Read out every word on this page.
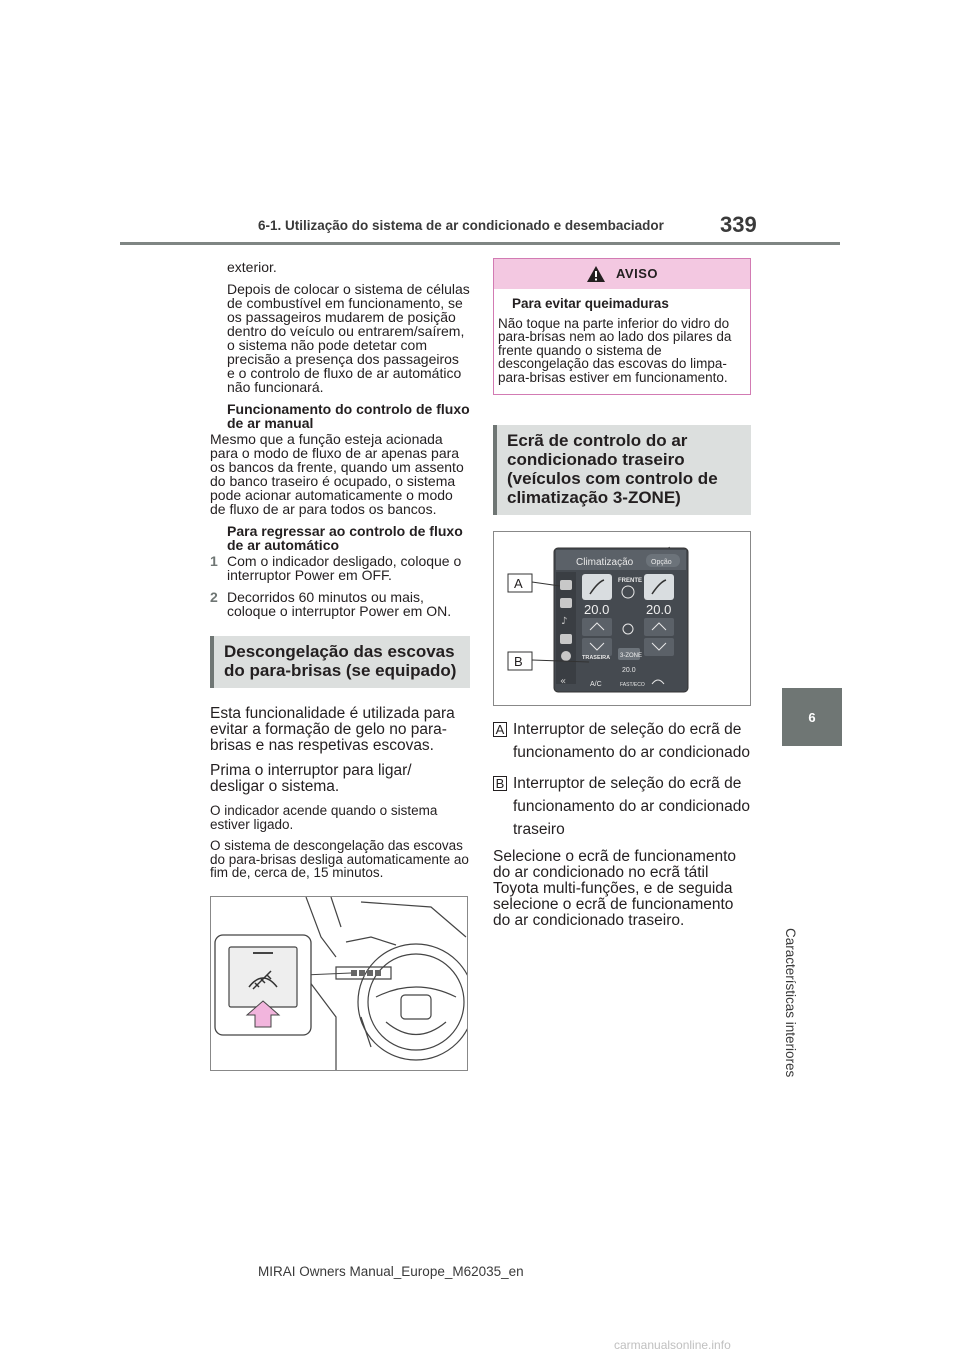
6-1. Utilização do sistema de ar condicionado e desembaciador	339
6
Características interiores

exterior.

Depois de colocar o sistema de células de combustível em funcionamento, se os passageiros mudarem de posição dentro do veículo ou entrarem/saírem, o sistema não pode detetar com precisão a presença dos passageiros e o controlo de fluxo de ar automático não funcionará.

Funcionamento do controlo de fluxo de ar manual

Mesmo que a função esteja acionada para o modo de fluxo de ar apenas para os bancos da frente, quando um assento do banco traseiro é ocupado, o sistema pode acionar automaticamente o modo de fluxo de ar para todos os bancos.

Para regressar ao controlo de fluxo de ar automático

1 Com o indicador desligado, coloque o interruptor Power em OFF.
2 Decorridos 60 minutos ou mais, coloque o interruptor Power em ON.
Descongelação das escovas do para-brisas (se equipado)

Esta funcionalidade é utilizada para evitar a formação de gelo no para-brisas e nas respetivas escovas.

Prima o interruptor para ligar/ desligar o sistema.

O indicador acende quando o sistema estiver ligado.

O sistema de descongelação das escovas do para-brisas desliga automaticamente ao fim de, cerca de, 15 minutos.

AVISO

Para evitar queimaduras

Não toque na parte inferior do vidro do para-brisas nem ao lado dos pilares da frente quando o sistema de descongelação das escovas do limpa-para-brisas estiver em funcionamento.

Ecrã de controlo do ar condicionado traseiro (veículos com controlo de climatização 3-ZONE)
Climatização	Opção
♪
«
FRENTE
20.0	20.0
TRASEIRA 3-ZONE
20.0
A/C	FAST/ECO
A
B
A Interruptor de seleção do ecrã de funcionamento do ar condicionado
B Interruptor de seleção do ecrã de funcionamento do ar condicionado traseiro

Selecione o ecrã de funcionamento do ar condicionado no ecrã tátil Toyota multi-funções, e de seguida selecione o ecrã de funcionamento do ar condicionado traseiro.

MIRAI Owners Manual_Europe_M62035_en
carmanualsonline.info
